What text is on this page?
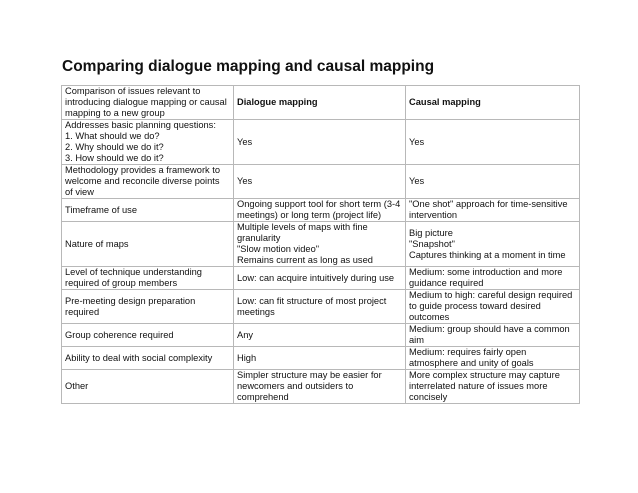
Comparing dialogue mapping and causal mapping
Comparison of issues relevant to
introducing dialogue mapping or causal
mapping to a new group	Dialogue mapping	Causal mapping
Addresses basic planning questions:
1. What should we do?
2. Why should we do it?
3. How should we do it?	Yes	Yes
Methodology provides a framework to
welcome and reconcile diverse points
of view	Yes	Yes
Timeframe of use	Ongoing support tool for short term (3-4
meetings) or long term (project life)	"One shot" approach for time-sensitive
intervention
Nature of maps	Multiple levels of maps with fine
granularity
"Slow motion video"
Remains current as long as used	Big picture
"Snapshot"
Captures thinking at a moment in time
Level of technique understanding
required of group members	Low: can acquire intuitively during use	Medium: some introduction and more
guidance required
Pre-meeting design preparation
required	Low: can fit structure of most project
meetings	Medium to high: careful design required
to guide process toward desired
outcomes
Group coherence required	Any	Medium: group should have a common
aim
Ability to deal with social complexity	High	Medium: requires fairly open
atmosphere and unity of goals
Other	Simpler structure may be easier for
newcomers and outsiders to
comprehend	More complex structure may capture
interrelated nature of issues more
concisely
